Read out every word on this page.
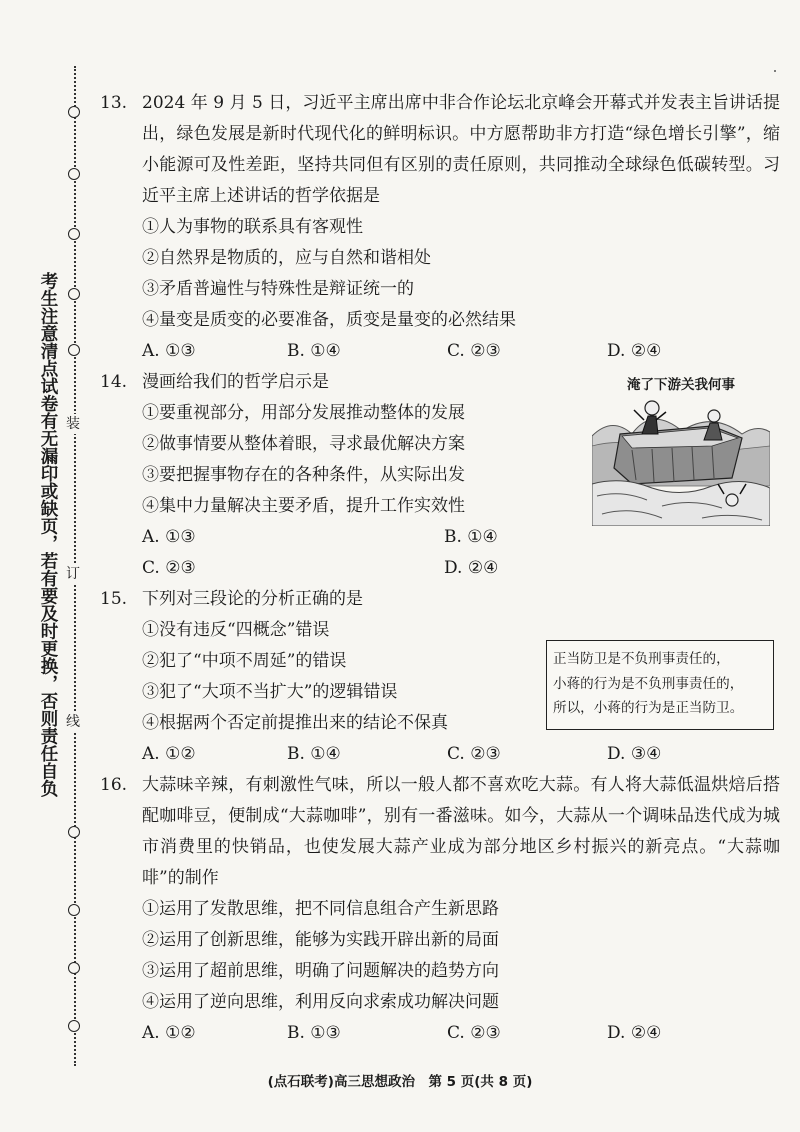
装
订
线
考生注意清点试卷有无漏印或缺页，若有要及时更换，否则责任自负
13. 2024 年 9 月 5 日，习近平主席出席中非合作论坛北京峰会开幕式并发表主旨讲话提出，绿色发展是新时代现代化的鲜明标识。中方愿帮助非方打造“绿色增长引擎”，缩小能源可及性差距，坚持共同但有区别的责任原则，共同推动全球绿色低碳转型。习近平主席上述讲话的哲学依据是
①人为事物的联系具有客观性
②自然界是物质的，应与自然和谐相处
③矛盾普遍性与特殊性是辩证统一的
④量变是质变的必要准备，质变是量变的必然结果
A. ①③	B. ①④	C. ②③	D. ②④
14. 漫画给我们的哲学启示是
①要重视部分，用部分发展推动整体的发展
②做事情要从整体着眼，寻求最优解决方案
③要把握事物存在的各种条件，从实际出发
④集中力量解决主要矛盾，提升工作实效性
A. ①③	B. ①④
C. ②③	D. ②④
15. 下列对三段论的分析正确的是
①没有违反“四概念”错误
②犯了“中项不周延”的错误
③犯了“大项不当扩大”的逻辑错误
④根据两个否定前提推出来的结论不保真
A. ①②	B. ①④	C. ②③	D. ③④
16. 大蒜味辛辣，有刺激性气味，所以一般人都不喜欢吃大蒜。有人将大蒜低温烘焙后搭配咖啡豆，便制成“大蒜咖啡”，别有一番滋味。如今，大蒜从一个调味品迭代成为城市消费里的快销品，也使发展大蒜产业成为部分地区乡村振兴的新亮点。“大蒜咖啡”的制作
①运用了发散思维，把不同信息组合产生新思路
②运用了创新思维，能够为实践开辟出新的局面
③运用了超前思维，明确了问题解决的趋势方向
④运用了逆向思维，利用反向求索成功解决问题
A. ①②	B. ①③	C. ②③	D. ②④
淹了下游关我何事
正当防卫是不负刑事责任的，
小蒋的行为是不负刑事责任的，
所以，小蒋的行为是正当防卫。
(点石联考)高三思想政治　第 5 页(共 8 页)
